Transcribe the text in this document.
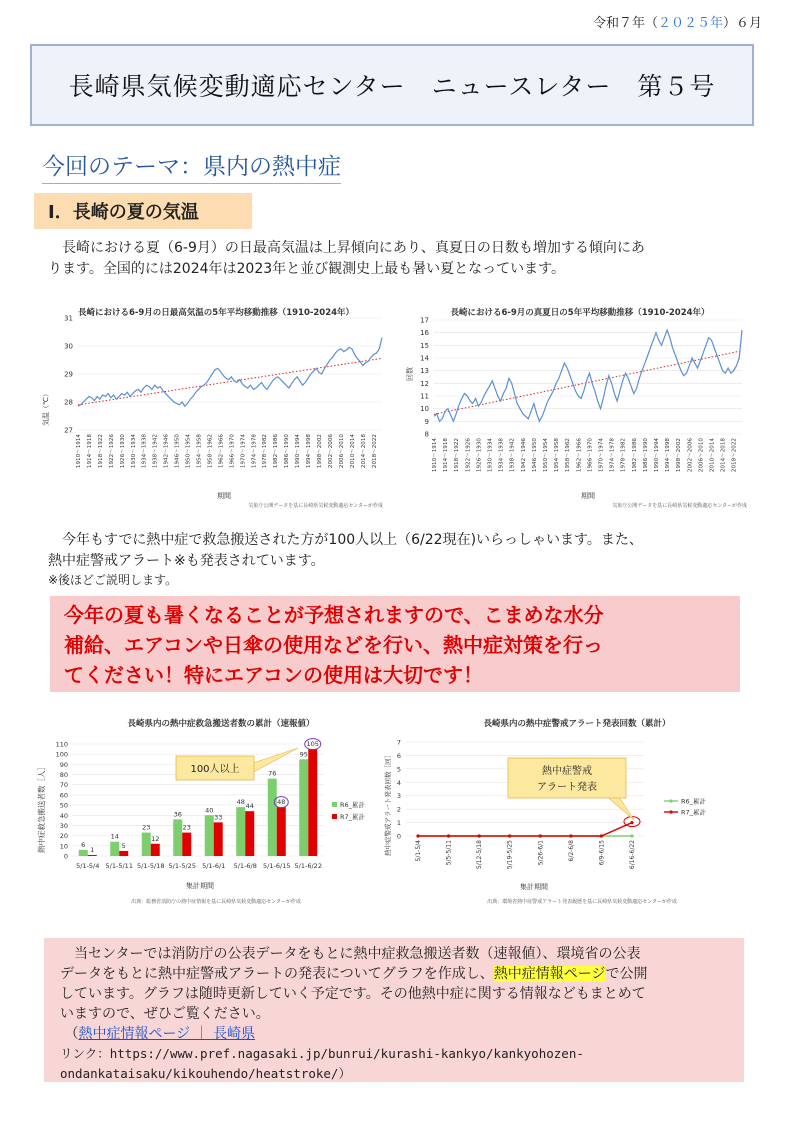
令和７年（２０２５年）６月
長崎県気候変動適応センター　ニュースレター　第５号
今回のテーマ：県内の熱中症
Ⅰ．長崎の夏の気温
　長崎における夏（6-9月）の日最高気温は上昇傾向にあり、真夏日の日数も増加する傾向にあ
ります。全国的には2024年は2023年と並び観測史上最も暑い夏となっています。
長崎における6-9月の日最高気温の5年平均移動推移（1910-2024年）
27
28
29
30
31
1910～1914 1914～1918 1918～1922 1922～1926 1926～1930 1930～1934 1934～1938 1938～1942 1942～1946 1946～1950 1950～1954 1954～1958 1958～1962 1962～1966 1966～1970 1970～1974 1974～1978 1978～1982 1982～1986 1986～1990 1990～1994 1994～1998 1998～2002 2002～2006 2006～2010 2010～2014 2014～2018 2018～2022
気温（℃）
期間
気象庁公開データを基に長崎県気候変動適応センターが作成
長崎における6-9月の真夏日の5年平均移動推移（1910-2024年）
8
9
10
11
12
13
14
15
16
17
1910～1914 1914～1918 1918～1922 1922～1926 1926～1930 1930～1934 1934～1938 1938～1942 1942～1946 1946～1950 1950～1954 1954～1958 1958～1962 1962～1966 1966～1970 1970～1974 1974～1978 1978～1982 1982～1986 1986～1990 1990～1994 1994～1998 1998～2002 2002～2006 2006～2010 2010～2014 2014～2018 2018～2022
回数
期間
気象庁公開データを基に長崎県気候変動適応センターが作成
　今年もすでに熱中症で救急搬送された方が100人以上（6/22現在)いらっしゃいます。また、
熱中症警戒アラート※も発表されています。
※後ほどご説明します。
今年の夏も暑くなることが予想されますので、こまめな水分
補給、エアコンや日傘の使用などを行い、熱中症対策を行っ
てください！特にエアコンの使用は大切です！
長崎県内の熱中症救急搬送者数の累計（速報値）
0
10
20
30
40
50
60
70
80
90
100
110
6
1
14
5
23
12
36
23
40
33
48
44
76
48
95
105
5/1-5/4 5/1-5/11 5/1-5/18 5/1-5/25 5/1-6/1 5/1-6/8 5/1-6/15 5/1-6/22
R6_累計
R7_累計
100人以上
熱中症救急搬送者数［人］
集計期間
出典：総務省消防庁の熱中症情報を基に長崎県気候変動適応センターが作成
長崎県内の熱中症警戒アラート発表回数（累計）
0
1
2
3
4
5
6
7
5/1-5/4	5/5-5/11	5/12-5/18	5/19-5/25	5/26-6/1	6/2-6/8	6/9-6/15	6/16-6/22
R6_累計
R7_累計
熱中症警戒
アラート発表
熱中症警戒アラート発表回数［回］
集計期間
出典：環境省熱中症警戒アラート発表履歴を基に長崎県気候変動適応センターが作成
　当センターでは消防庁の公表データをもとに熱中症救急搬送者数（速報値）、環境省の公表
データをもとに熱中症警戒アラートの発表についてグラフを作成し、熱中症情報ページで公開
しています。グラフは随時更新していく予定です。その他熱中症に関する情報などもまとめて
いますので、ぜひご覧ください。
（熱中症情報ページ ｜ 長崎県
リンク：https://www.pref.nagasaki.jp/bunrui/kurashi-kankyo/kankyohozen-
ondankataisaku/kikouhendo/heatstroke/）
